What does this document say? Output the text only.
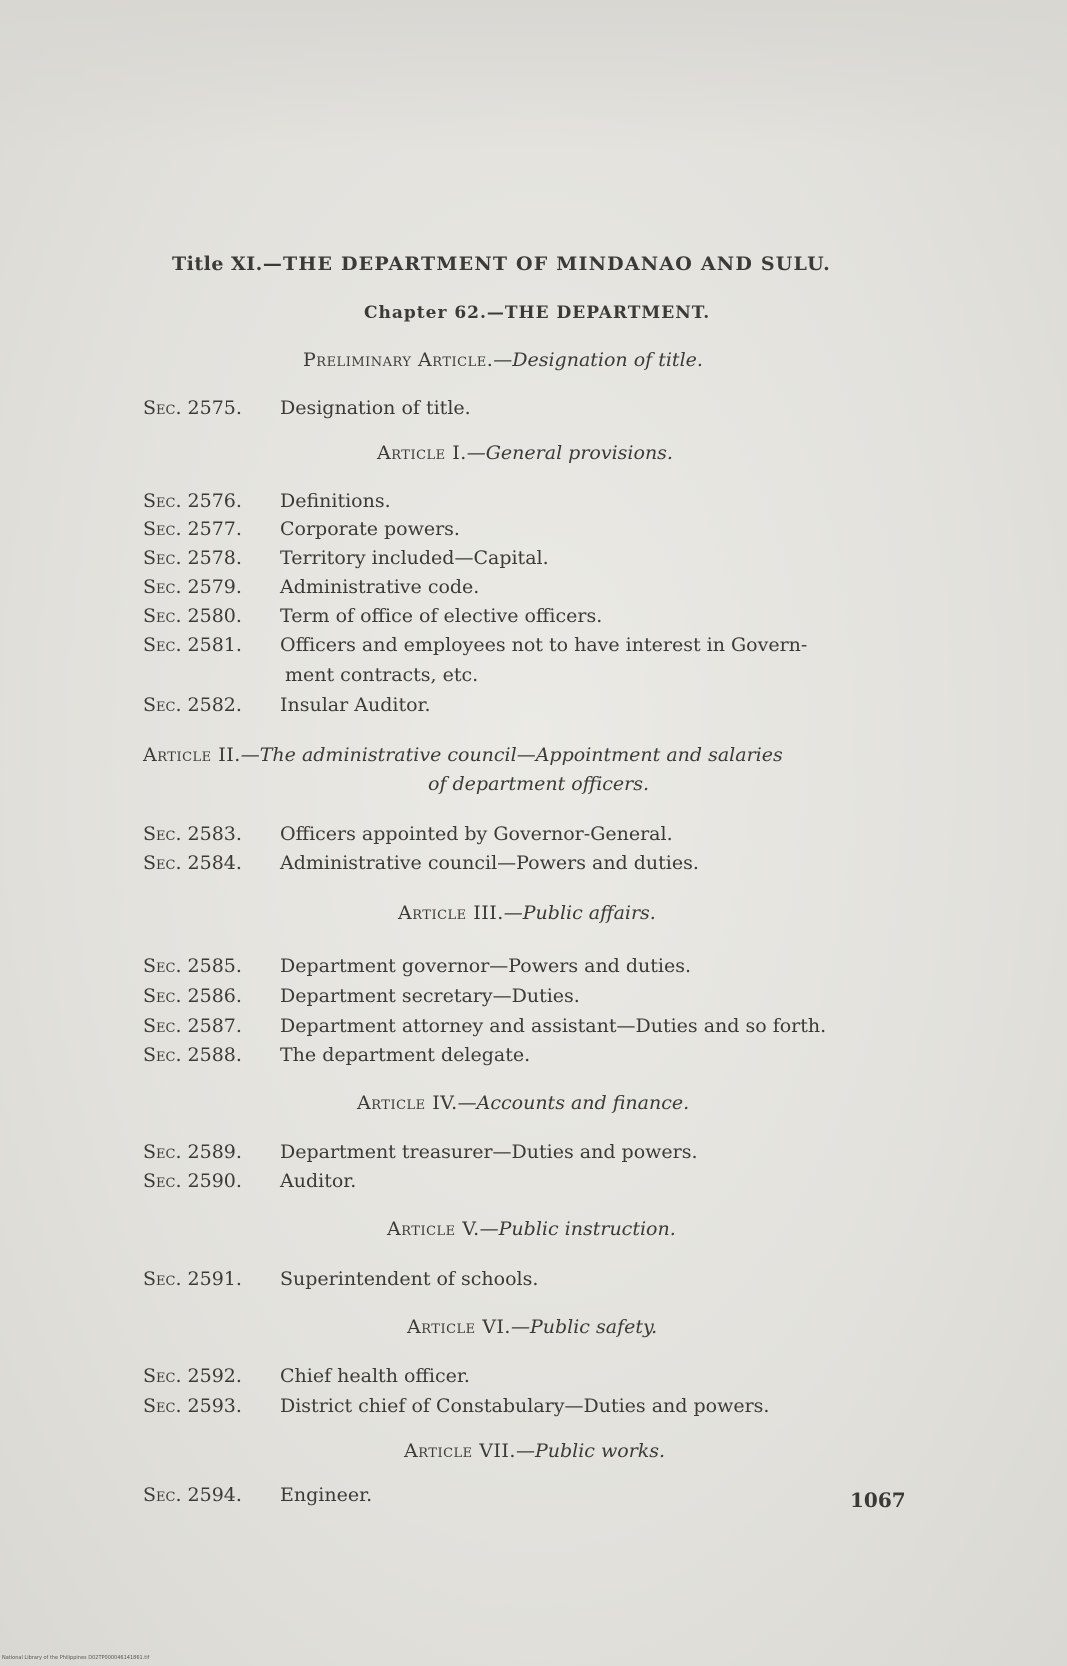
Title XI.—THE DEPARTMENT OF MINDANAO AND SULU.
Chapter 62.—THE DEPARTMENT.
Preliminary Article.—Designation of title.
Sec. 2575. Designation of title.
Article I.—General provisions.
Sec. 2576. Definitions.
Sec. 2577. Corporate powers.
Sec. 2578. Territory included—Capital.
Sec. 2579. Administrative code.
Sec. 2580. Term of office of elective officers.
Sec. 2581. Officers and employees not to have interest in Govern-
ment contracts, etc.
Sec. 2582. Insular Auditor.
Article II.—The administrative council—Appointment and salaries
of department officers.
Sec. 2583. Officers appointed by Governor-General.
Sec. 2584. Administrative council—Powers and duties.
Article III.—Public affairs.
Sec. 2585. Department governor—Powers and duties.
Sec. 2586. Department secretary—Duties.
Sec. 2587. Department attorney and assistant—Duties and so forth.
Sec. 2588. The department delegate.
Article IV.—Accounts and finance.
Sec. 2589. Department treasurer—Duties and powers.
Sec. 2590. Auditor.
Article V.—Public instruction.
Sec. 2591. Superintendent of schools.
Article VI.—Public safety.
Sec. 2592. Chief health officer.
Sec. 2593. District chief of Constabulary—Duties and powers.
Article VII.—Public works.
Sec. 2594. Engineer.	1067
National Library of the Philippines D02TP000046141861.tif
